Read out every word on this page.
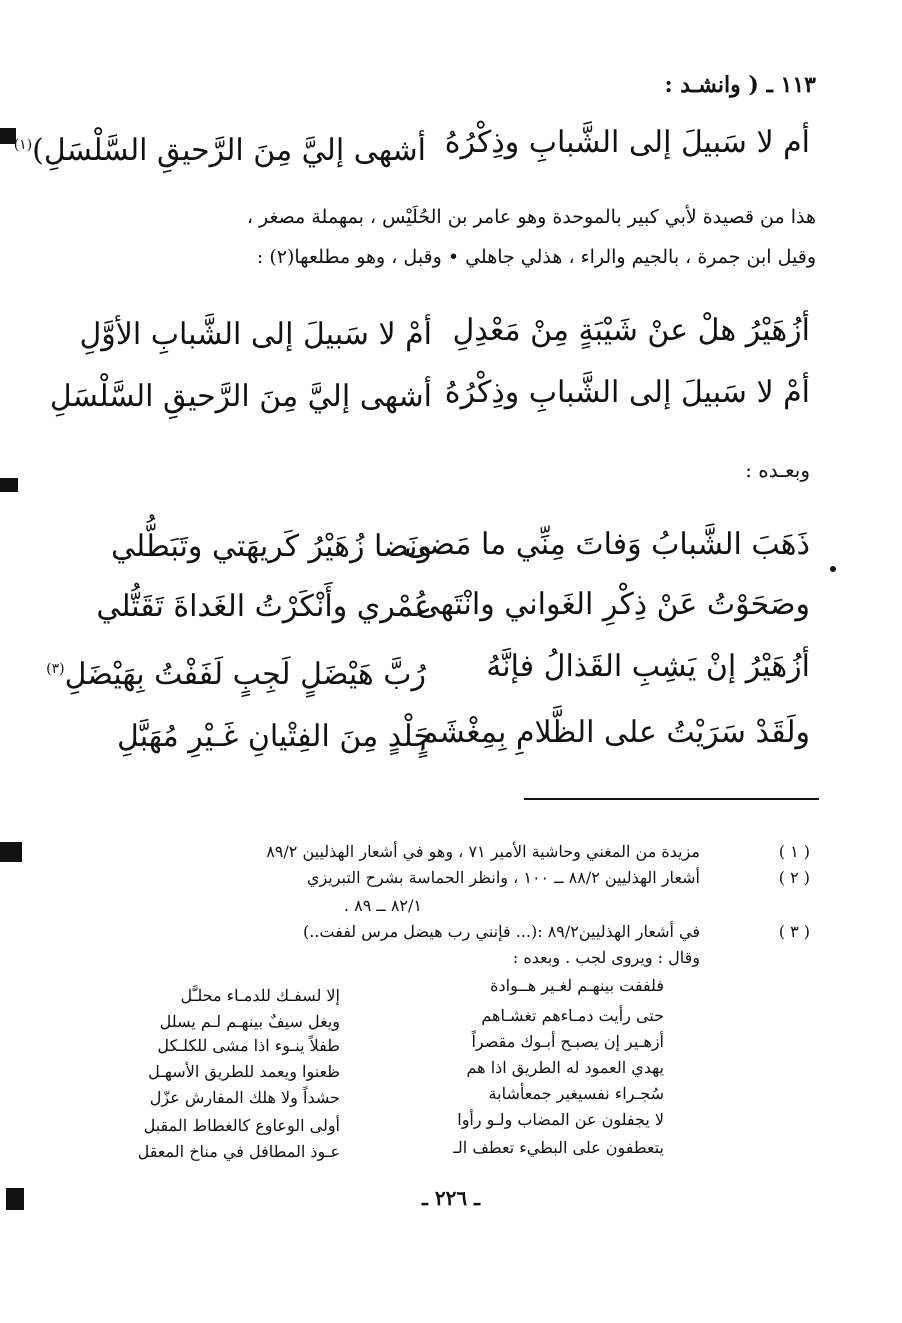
١١٣ ـ ( وانشـد :
أم لا سَبيلَ إلى الشَّبابِ وذِكْرُهُ
أشهى إليَّ مِنَ الرَّحيقِ السَّلْسَلِ)$^{(١)}$
هذا من قصيدة لأبي كبير بالموحدة وهو عامر بن الحُلَيْس ، بمهملة مصغر ،
وقيل ابن جمرة ، بالجيم والراء ، هذلي جاهلي • وقبل ، وهو مطلعها(٢) :
أزُهَيْرُ هلْ عنْ شَيْبَةٍ مِنْ مَعْدِلِ
أمْ لا سَبيلَ إلى الشَّبابِ الأوَّلِ
أمْ لا سَبيلَ إلى الشَّبابِ وذِكْرُهُ
أشهى إليَّ مِنَ الرَّحيقِ السَّلْسَلِ
وبعـده :
ذَهَبَ الشَّبابُ وَفاتَ مِنِّي ما مَضى
ونَضا زُهَيْرُ كَريهَتي وتَبَطُّلي
وصَحَوْتُ عَنْ ذِكْرِ الغَواني وانْتَهى
عُمْري وأَنْكَرْتُ الغَداةَ تَقَتُّلي
أزُهَيْرُ إنْ يَشِبِ القَذالُ فإنَّهُ
رُبَّ هَيْضَلٍ لَجِبٍ لَفَفْتُ بِهَيْضَلِ$^{(٣)}$
ولَقَدْ سَرَيْتُ على الظَّلامِ بِمِغْشَمٍ
جَلْدٍ مِنَ الفِتْيانِ غَـيْرِ مُهَبَّلِ
( ١ )
مزيدة من المغني وحاشية الأمير ٧١ ، وهو في أشعار الهذليين ٨٩/٢
( ٢ )
أشعار الهذليين ٨٨/٢ ــ ١٠٠ ، وانظر الحماسة بشرح التبريزي
٨٢/١ ــ ٨٩ .
( ٣ )
في أشعار الهذليين٨٩/٢ :(... فإنني رب هيضل مرس لففت..)
وقال : ويروى لجب . وبعده :
فلففت بينهـم لغـير هــوادة
إلا لسفـك للدمـاء محلـَّل
حتى رأيت دمـاءهم تغشـاهم
ويغل سيفٌ بينهـم لـم يسلل
أزهـير إن يصبـح أبـوك مقصراً
طفلاً ينـوء اذا مشى للكلـكل
يهدي العمود له الطريق اذا هم
ظعنوا ويعمد للطريق الأسهـل
سُجـراء نفسيغير جمعأشابة
حشداً ولا هلك المفارش عزّل
لا يجفلون عن المضاب ولـو رأوا
أولى الوعاوع كالغطاط المقبل
يتعطفون على البطيء تعطف الـ
عـوذ المطافل في مناخ المعقل
ـ ٢٢٦ ـ
